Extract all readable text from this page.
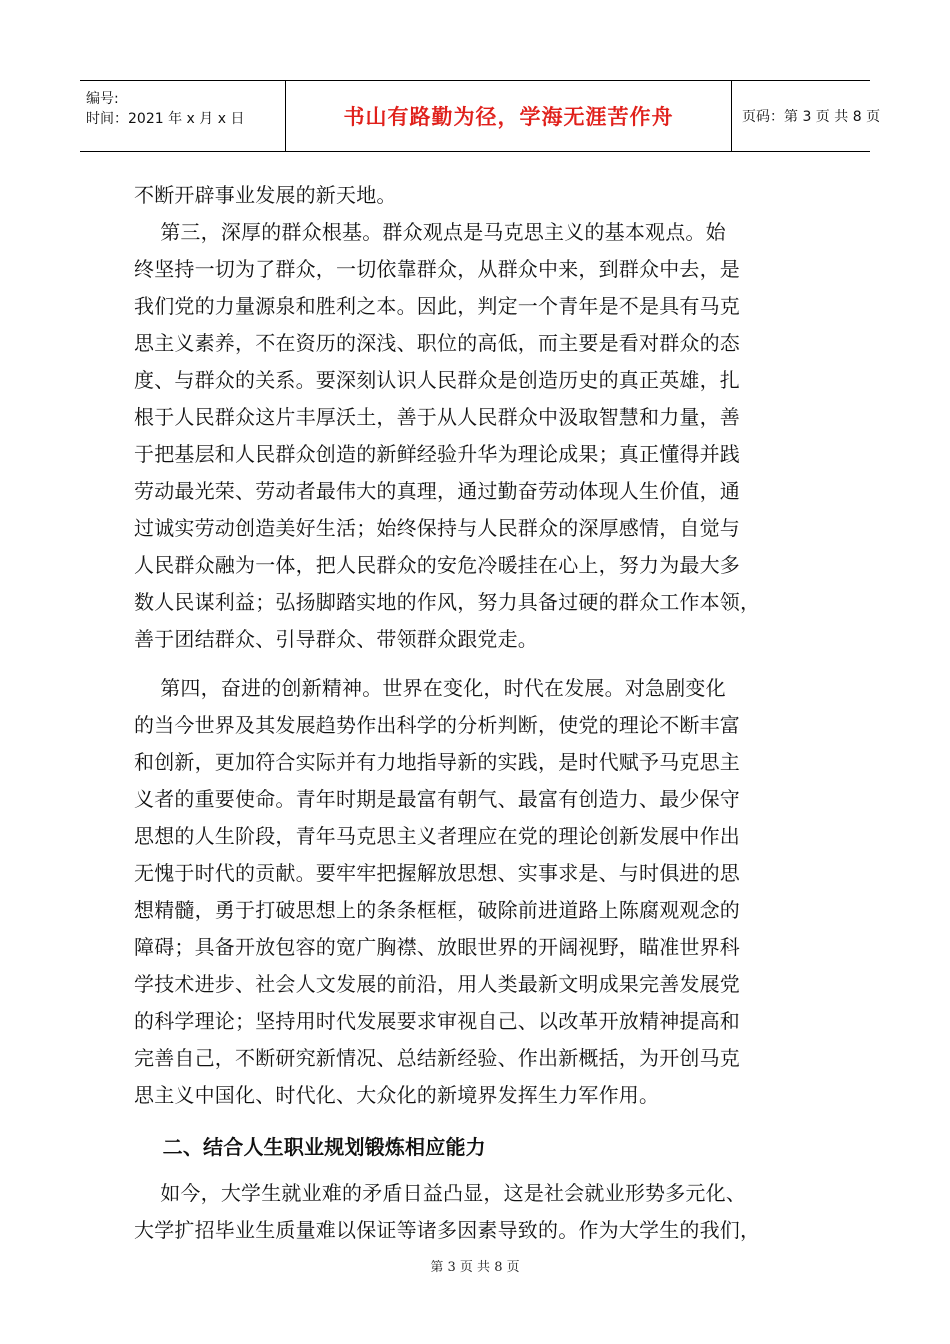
编号:
时间：2021 年 x 月 x 日	书山有路勤为径，学海无涯苦作舟	页码：第 3 页 共 8 页
不断开辟事业发展的新天地。
第三，深厚的群众根基。群众观点是马克思主义的基本观点。始
终坚持一切为了群众，一切依靠群众，从群众中来，到群众中去，是
我们党的力量源泉和胜利之本。因此，判定一个青年是不是具有马克
思主义素养，不在资历的深浅、职位的高低，而主要是看对群众的态
度、与群众的关系。要深刻认识人民群众是创造历史的真正英雄，扎
根于人民群众这片丰厚沃土，善于从人民群众中汲取智慧和力量，善
于把基层和人民群众创造的新鲜经验升华为理论成果；真正懂得并践
劳动最光荣、劳动者最伟大的真理，通过勤奋劳动体现人生价值，通
过诚实劳动创造美好生活；始终保持与人民群众的深厚感情，自觉与
人民群众融为一体，把人民群众的安危冷暖挂在心上，努力为最大多
数人民谋利益；弘扬脚踏实地的作风，努力具备过硬的群众工作本领，
善于团结群众、引导群众、带领群众跟党走。
第四，奋进的创新精神。世界在变化，时代在发展。对急剧变化
的当今世界及其发展趋势作出科学的分析判断，使党的理论不断丰富
和创新，更加符合实际并有力地指导新的实践，是时代赋予马克思主
义者的重要使命。青年时期是最富有朝气、最富有创造力、最少保守
思想的人生阶段，青年马克思主义者理应在党的理论创新发展中作出
无愧于时代的贡献。要牢牢把握解放思想、实事求是、与时俱进的思
想精髓，勇于打破思想上的条条框框，破除前进道路上陈腐观观念的
障碍；具备开放包容的宽广胸襟、放眼世界的开阔视野，瞄准世界科
学技术进步、社会人文发展的前沿，用人类最新文明成果完善发展党
的科学理论；坚持用时代发展要求审视自己、以改革开放精神提高和
完善自己，不断研究新情况、总结新经验、作出新概括，为开创马克
思主义中国化、时代化、大众化的新境界发挥生力军作用。
二、结合人生职业规划锻炼相应能力
如今，大学生就业难的矛盾日益凸显，这是社会就业形势多元化、
大学扩招毕业生质量难以保证等诸多因素导致的。作为大学生的我们，
第 3 页 共 8 页
